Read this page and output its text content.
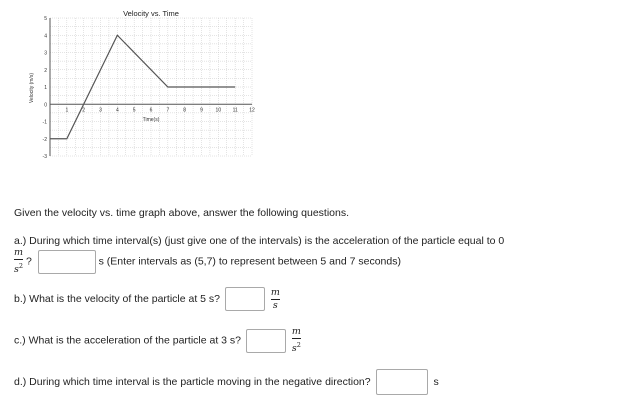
Velocity vs. Time
Velocity (m/s)
1	2	3	4	5	6	7	8	9	10 11 12
5
4
3
2
1
0
-1
-2
-3
Time(s)
Given the velocity vs. time graph above, answer the following questions.
a.) During which time interval(s) (just give one of the intervals) is the acceleration of the particle equal to 0
$\frac{m}{s^2}$ ?	s (Enter intervals as (5,7) to represent between 5 and 7 seconds)
b.) What is the velocity of the particle at 5 s?	$\frac{m}{s}$
c.) What is the acceleration of the particle at 3 s?	$\frac{m}{s^2}$
d.) During which time interval is the particle moving in the negative direction?	s
